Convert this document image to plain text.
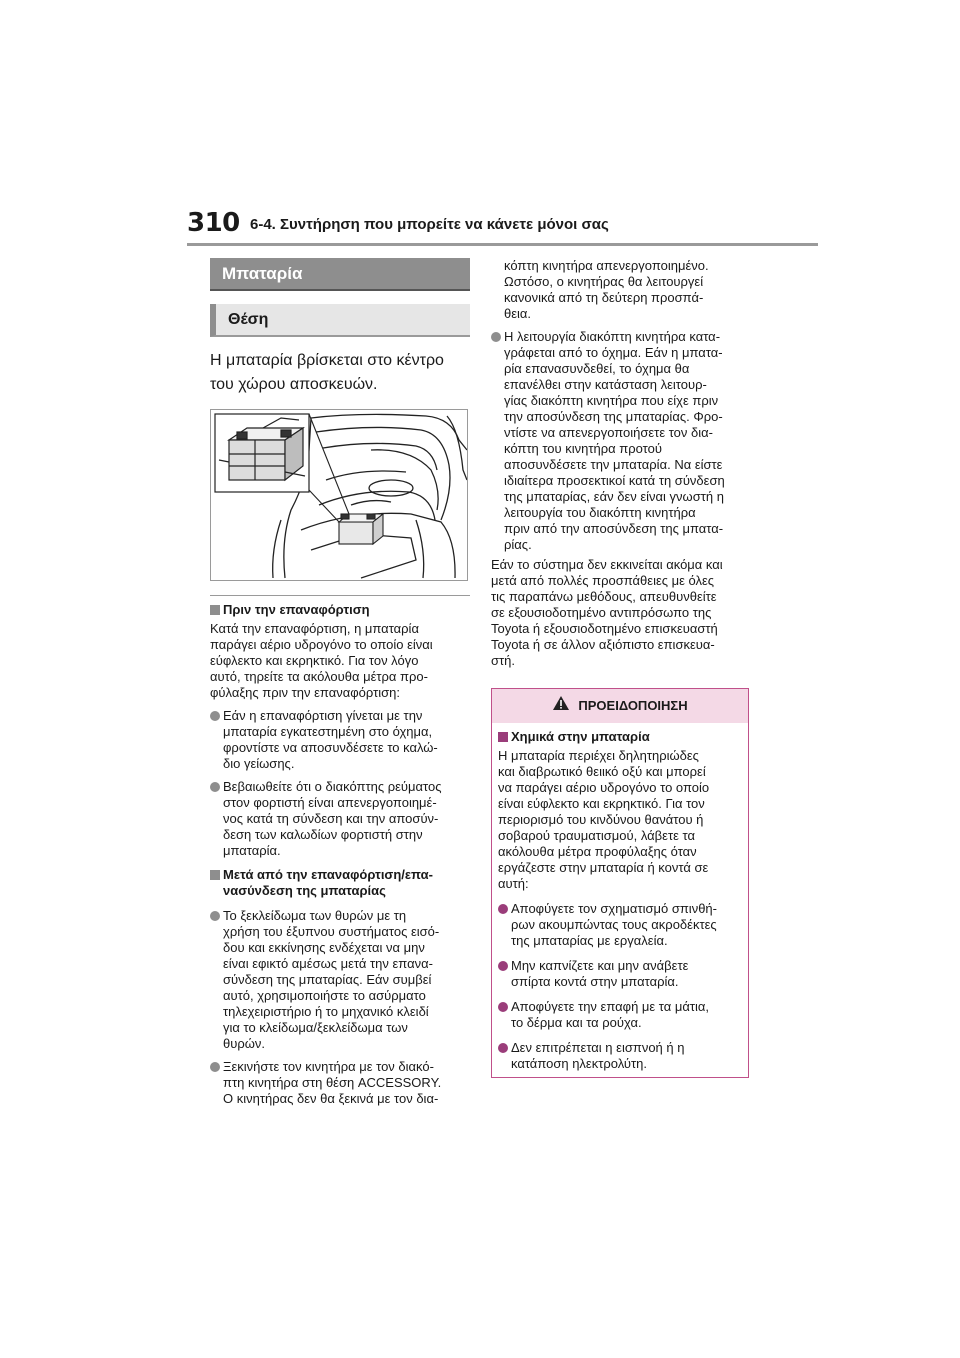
310 6-4. Συντήρηση που μπορείτε να κάνετε μόνοι σας
Μπαταρία
Θέση
Η μπαταρία βρίσκεται στο κέντρο
του χώρου αποσκευών.
Πριν την επαναφόρτιση
Κατά την επαναφόρτιση, η μπαταρία
παράγει αέριο υδρογόνο το οποίο είναι
εύφλεκτο και εκρηκτικό. Για τον λόγο
αυτό, τηρείτε τα ακόλουθα μέτρα προ-
φύλαξης πριν την επαναφόρτιση:
Εάν η επαναφόρτιση γίνεται με την
μπαταρία εγκατεστημένη στο όχημα,
φροντίστε να αποσυνδέσετε το καλώ-
διο γείωσης.
Βεβαιωθείτε ότι ο διακόπτης ρεύματος
στον φορτιστή είναι απενεργοποιημέ-
νος κατά τη σύνδεση και την αποσύν-
δεση των καλωδίων φορτιστή στην
μπαταρία.
Μετά από την επαναφόρτιση/επα-
νασύνδεση της μπαταρίας
Το ξεκλείδωμα των θυρών με τη
χρήση του έξυπνου συστήματος εισό-
δου και εκκίνησης ενδέχεται να μην
είναι εφικτό αμέσως μετά την επανα-
σύνδεση της μπαταρίας. Εάν συμβεί
αυτό, χρησιμοποιήστε το ασύρματο
τηλεχειριστήριο ή το μηχανικό κλειδί
για το κλείδωμα/ξεκλείδωμα των
θυρών.
Ξεκινήστε τον κινητήρα με τον διακό-
πτη κινητήρα στη θέση ACCESSORY.
Ο κινητήρας δεν θα ξεκινά με τον δια-
κόπτη κινητήρα απενεργοποιημένο.
Ωστόσο, ο κινητήρας θα λειτουργεί
κανονικά από τη δεύτερη προσπά-
θεια.
Η λειτουργία διακόπτη κινητήρα κατα-
γράφεται από το όχημα. Εάν η μπατα-
ρία επανασυνδεθεί, το όχημα θα
επανέλθει στην κατάσταση λειτουρ-
γίας διακόπτη κινητήρα που είχε πριν
την αποσύνδεση της μπαταρίας. Φρο-
ντίστε να απενεργοποιήσετε τον δια-
κόπτη του κινητήρα προτού
αποσυνδέσετε την μπαταρία. Να είστε
ιδιαίτερα προσεκτικοί κατά τη σύνδεση
της μπαταρίας, εάν δεν είναι γνωστή η
λειτουργία του διακόπτη κινητήρα
πριν από την αποσύνδεση της μπατα-
ρίας.
Εάν το σύστημα δεν εκκινείται ακόμα και
μετά από πολλές προσπάθειες με όλες
τις παραπάνω μεθόδους, απευθυνθείτε
σε εξουσιοδοτημένο αντιπρόσωπο της
Toyota ή εξουσιοδοτημένο επισκευαστή
Toyota ή σε άλλον αξιόπιστο επισκευα-
στή.
ΠΡΟΕΙΔΟΠΟΙΗΣΗ
Χημικά στην μπαταρία
Η μπαταρία περιέχει δηλητηριώδες
και διαβρωτικό θειικό οξύ και μπορεί
να παράγει αέριο υδρογόνο το οποίο
είναι εύφλεκτο και εκρηκτικό. Για τον
περιορισμό του κινδύνου θανάτου ή
σοβαρού τραυματισμού, λάβετε τα
ακόλουθα μέτρα προφύλαξης όταν
εργάζεστε στην μπαταρία ή κοντά σε
αυτή:
Αποφύγετε τον σχηματισμό σπινθή-
ρων ακουμπώντας τους ακροδέκτες
της μπαταρίας με εργαλεία.
Μην καπνίζετε και μην ανάβετε
σπίρτα κοντά στην μπαταρία.
Αποφύγετε την επαφή με τα μάτια,
το δέρμα και τα ρούχα.
Δεν επιτρέπεται η εισπνοή ή η
κατάποση ηλεκτρολύτη.
